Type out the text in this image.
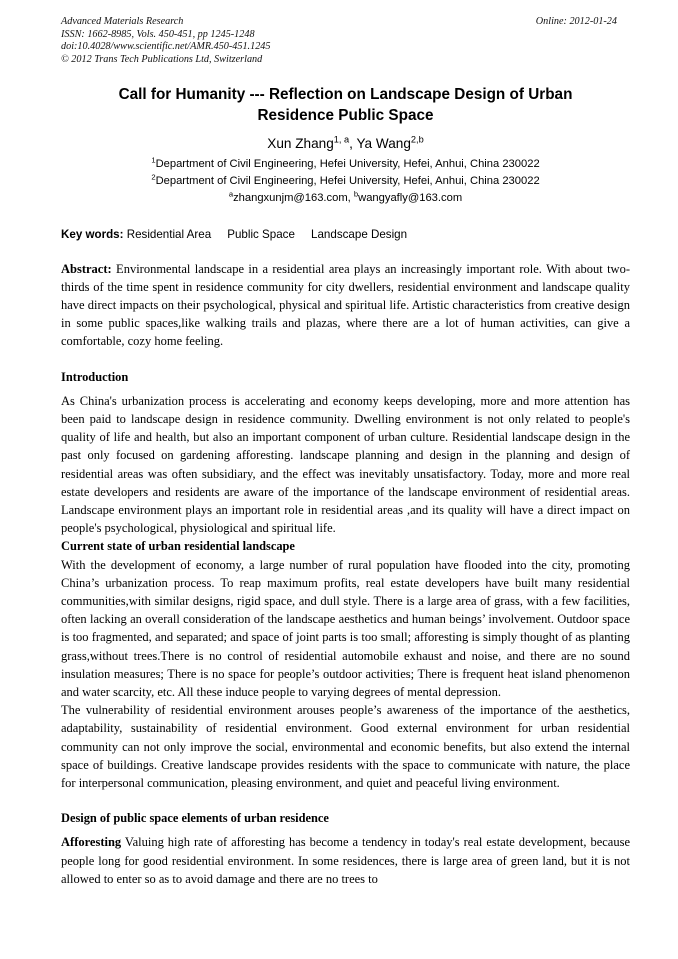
Advanced Materials Research
ISSN: 1662-8985, Vols. 450-451, pp 1245-1248
doi:10.4028/www.scientific.net/AMR.450-451.1245
© 2012 Trans Tech Publications Ltd, Switzerland
Online: 2012-01-24
Call for Humanity --- Reflection on Landscape Design of Urban
Residence Public Space
Xun Zhang$^{1, a}$, Ya Wang$^{2,b}$
$^1$Department of Civil Engineering, Hefei University, Hefei, Anhui, China 230022
$^2$Department of Civil Engineering, Hefei University, Hefei, Anhui, China 230022
$^a$zhangxunjm@163.com, $^b$wangyafly@163.com
Key words: Residential Area     Public Space     Landscape Design
Abstract: Environmental landscape in a residential area plays an increasingly important role. With about two-thirds of the time spent in residence community for city dwellers, residential environment and landscape quality have direct impacts on their psychological, physical and spiritual life. Artistic characteristics from creative design in some public spaces,like walking trails and plazas, where there are a lot of human activities, can give a comfortable, cozy home feeling.
Introduction

As China's urbanization process is accelerating and economy keeps developing, more and more attention has been paid to landscape design in residence community. Dwelling environment is not only related to people's quality of life and health, but also an important component of urban culture. Residential landscape design in the past only focused on gardening afforesting. landscape planning and design in the planning and design of residential areas was often subsidiary, and the effect was inevitably unsatisfactory. Today, more and more real estate developers and residents are aware of the importance of the landscape environment of residential areas. Landscape environment plays an important role in residential areas ,and its quality will have a direct impact on people's psychological, physiological and spiritual life.

Current state of urban residential landscape

With the development of economy, a large number of rural population have flooded into the city, promoting China’s urbanization process. To reap maximum profits, real estate developers have built many residential communities,with similar designs, rigid space, and dull style. There is a large area of grass, with a few facilities, often lacking an overall consideration of the landscape aesthetics and human beings’ involvement. Outdoor space is too fragmented, and separated; and space of joint parts is too small; afforesting is simply thought of as planting grass,without trees.There is no control of residential automobile exhaust and noise, and there are no sound insulation measures; There is no space for people’s outdoor activities; There is frequent heat island phenomenon and water scarcity, etc. All these induce people to varying degrees of mental depression.

The vulnerability of residential environment arouses people’s awareness of the importance of the aesthetics, adaptability, sustainability of residential environment. Good external environment for urban residential community can not only improve the social, environmental and economic benefits, but also extend the internal space of buildings. Creative landscape provides residents with the space to communicate with nature, the place for interpersonal communication, pleasing environment, and quiet and peaceful living environment.

Design of public space elements of urban residence

Afforesting Valuing high rate of afforesting has become a tendency in today's real estate development, because people long for good residential environment. In some residences, there is large area of green land, but it is not allowed to enter so as to avoid damage and there are no trees to
